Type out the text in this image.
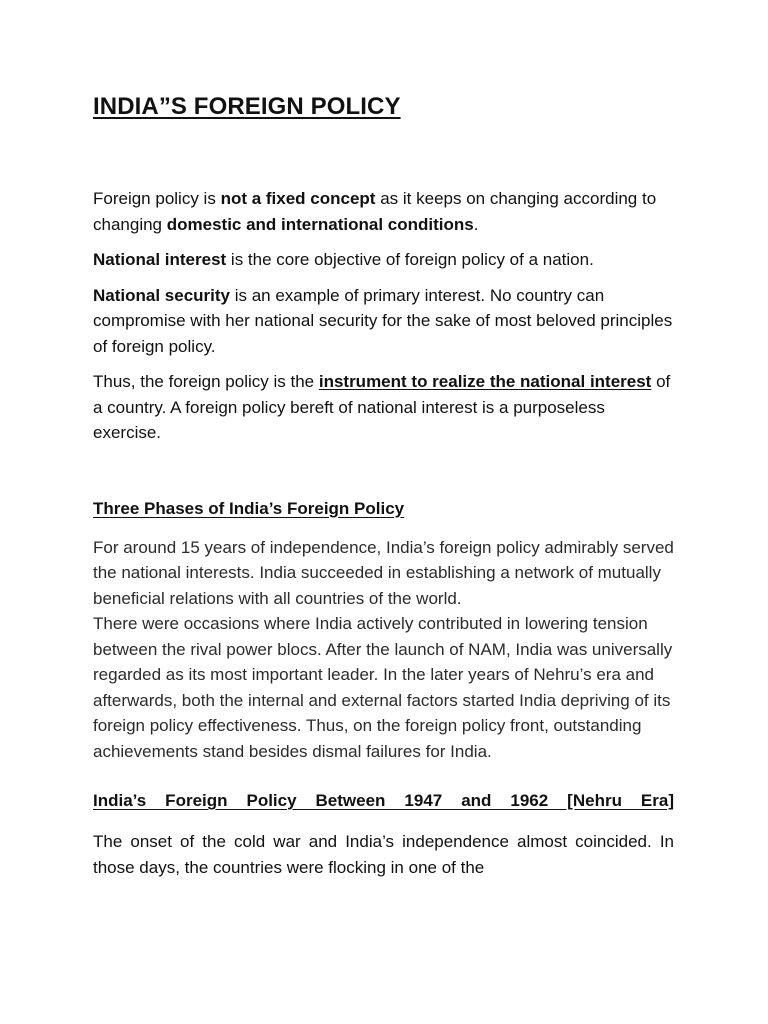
INDIA”S FOREIGN POLICY

Foreign policy is not a fixed concept as it keeps on changing according to changing domestic and international conditions.

National interest is the core objective of foreign policy of a nation.

National security is an example of primary interest. No country can compromise with her national security for the sake of most beloved principles of foreign policy.

Thus, the foreign policy is the instrument to realize the national interest of a country. A foreign policy bereft of national interest is a purposeless exercise.

Three Phases of India’s Foreign Policy

For around 15 years of independence, India’s foreign policy admirably served the national interests. India succeeded in establishing a network of mutually beneficial relations with all countries of the world.

There were occasions where India actively contributed in lowering tension between the rival power blocs. After the launch of NAM, India was universally regarded as its most important leader. In the later years of Nehru’s era and afterwards, both the internal and external factors started India depriving of its foreign policy effectiveness. Thus, on the foreign policy front, outstanding achievements stand besides dismal failures for India.

India’s Foreign Policy Between 1947 and 1962 [Nehru Era]

The onset of the cold war and India’s independence almost coincided. In those days, the countries were flocking in one of the
